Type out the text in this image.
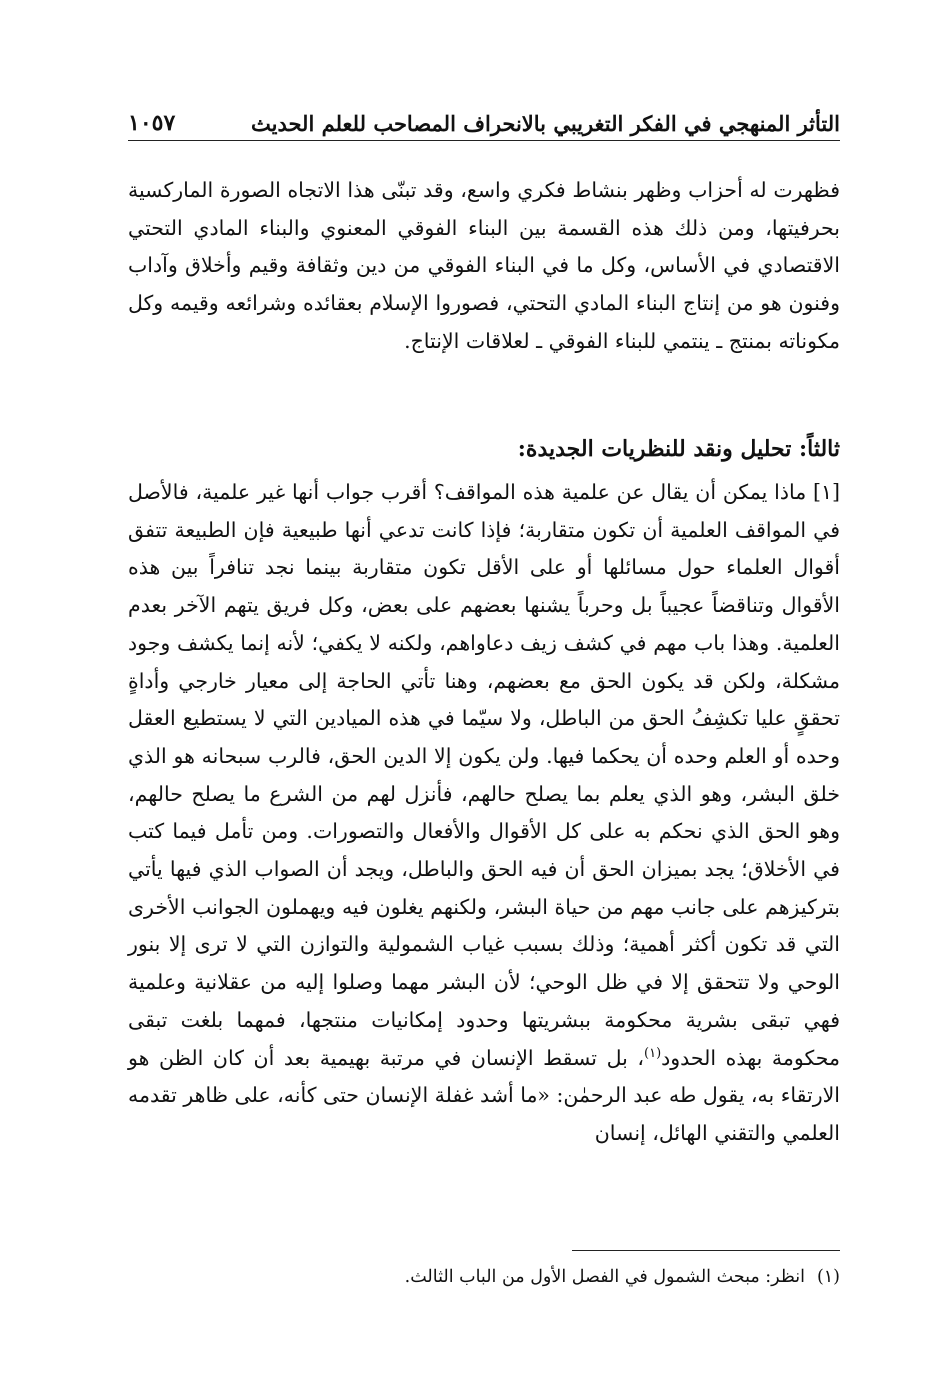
التأثر المنهجي في الفكر التغريبي بالانحراف المصاحب للعلم الحديث
١٠٥٧

فظهرت له أحزاب وظهر بنشاط فكري واسع، وقد تبنّى هذا الاتجاه الصورة الماركسية بحرفيتها، ومن ذلك هذه القسمة بين البناء الفوقي المعنوي والبناء المادي التحتي الاقتصادي في الأساس، وكل ما في البناء الفوقي من دين وثقافة وقيم وأخلاق وآداب وفنون هو من إنتاج البناء المادي التحتي، فصوروا الإسلام بعقائده وشرائعه وقيمه وكل مكوناته بمنتج ـ ينتمي للبناء الفوقي ـ لعلاقات الإنتاج.

ثالثاً: تحليل ونقد للنظريات الجديدة:

[١] ماذا يمكن أن يقال عن علمية هذه المواقف؟ أقرب جواب أنها غير علمية، فالأصل في المواقف العلمية أن تكون متقاربة؛ فإذا كانت تدعي أنها طبيعية فإن الطبيعة تتفق أقوال العلماء حول مسائلها أو على الأقل تكون متقاربة بينما نجد تنافراً بين هذه الأقوال وتناقضاً عجيباً بل وحرباً يشنها بعضهم على بعض، وكل فريق يتهم الآخر بعدم العلمية. وهذا باب مهم في كشف زيف دعاواهم، ولكنه لا يكفي؛ لأنه إنما يكشف وجود مشكلة، ولكن قد يكون الحق مع بعضهم، وهنا تأتي الحاجة إلى معيار خارجي وأداةٍ تحققٍ عليا تكشِفُ الحق من الباطل، ولا سيّما في هذه الميادين التي لا يستطيع العقل وحده أو العلم وحده أن يحكما فيها. ولن يكون إلا الدين الحق، فالرب سبحانه هو الذي خلق البشر، وهو الذي يعلم بما يصلح حالهم، فأنزل لهم من الشرع ما يصلح حالهم، وهو الحق الذي نحكم به على كل الأقوال والأفعال والتصورات. ومن تأمل فيما كتب في الأخلاق؛ يجد بميزان الحق أن فيه الحق والباطل، ويجد أن الصواب الذي فيها يأتي بتركيزهم على جانب مهم من حياة البشر، ولكنهم يغلون فيه ويهملون الجوانب الأخرى التي قد تكون أكثر أهمية؛ وذلك بسبب غياب الشمولية والتوازن التي لا ترى إلا بنور الوحي ولا تتحقق إلا في ظل الوحي؛ لأن البشر مهما وصلوا إليه من عقلانية وعلمية فهي تبقى بشرية محكومة ببشريتها وحدود إمكانيات منتجها، فمهما بلغت تبقى محكومة بهذه الحدود$^{(١)}$، بل تسقط الإنسان في مرتبة بهيمية بعد أن كان الظن هو الارتقاء به، يقول طه عبد الرحمٰن: «ما أشد غفلة الإنسان حتى كأنه، على ظاهر تقدمه العلمي والتقني الهائل، إنسان

(١)انظر: مبحث الشمول في الفصل الأول من الباب الثالث.
